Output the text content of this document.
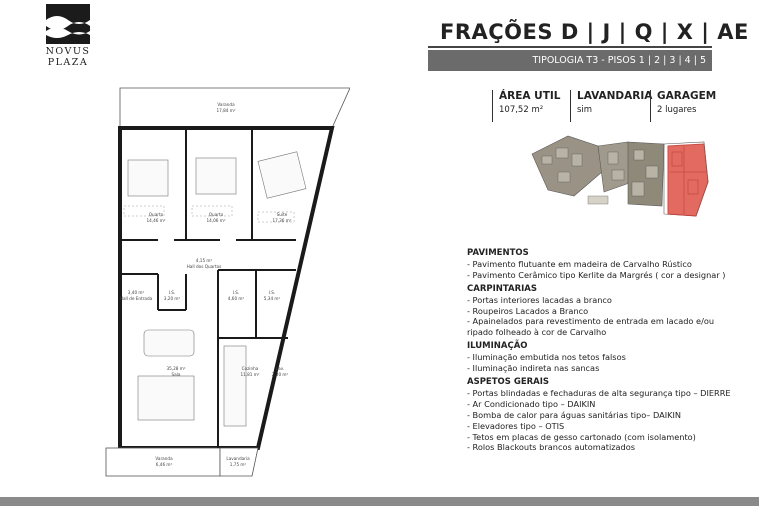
NOVUS
PLAZA
FRAÇÕES D | J | Q | X | AE
TIPOLOGIA T3 - PISOS 1 | 2 | 3 | 4 | 5
ÁREA UTIL
107,52 m²
LAVANDARIA
sim
GARAGEM
2 lugares
PAVIMENTOS
- Pavimento flutuante em madeira de Carvalho Rústico
- Pavimento Cerâmico tipo Kerlite da Margrés ( cor a designar )
CARPINTARIAS
- Portas interiores lacadas a branco
- Roupeiros Lacados a Branco
- Apainelados para revestimento de entrada em lacado e/ou ripado folheado à cor de Carvalho
ILUMINAÇÃO
- Iluminação embutida nos tetos falsos
- Iluminação indireta nas sancas
ASPETOS GERAIS
- Portas blindadas e fechaduras de alta segurança tipo – DIERRE
- Ar Condicionado tipo – DAIKIN
- Bomba de calor para águas sanitárias tipo– DAIKIN
- Elevadores tipo – OTIS
- Tetos em placas de gesso cartonado (com isolamento)
- Rolos Blackouts brancos automatizados
Varanda
17,84 m²
Quarto
14,46 m²
Quarto
14,06 m²
Suite
17,36 m²
4,15 m²
Hall dos Quartos
3,40 m²
Hall de Entrada
I.S.
3,20 m²
I.S.
4,60 m²
I.S.
5,34 m²
35,28 m²
Sala
Cozinha
11,81 m²
Lav.
2,30 m²
Varanda
6,46 m²
Lavandaria
1,75 m²
